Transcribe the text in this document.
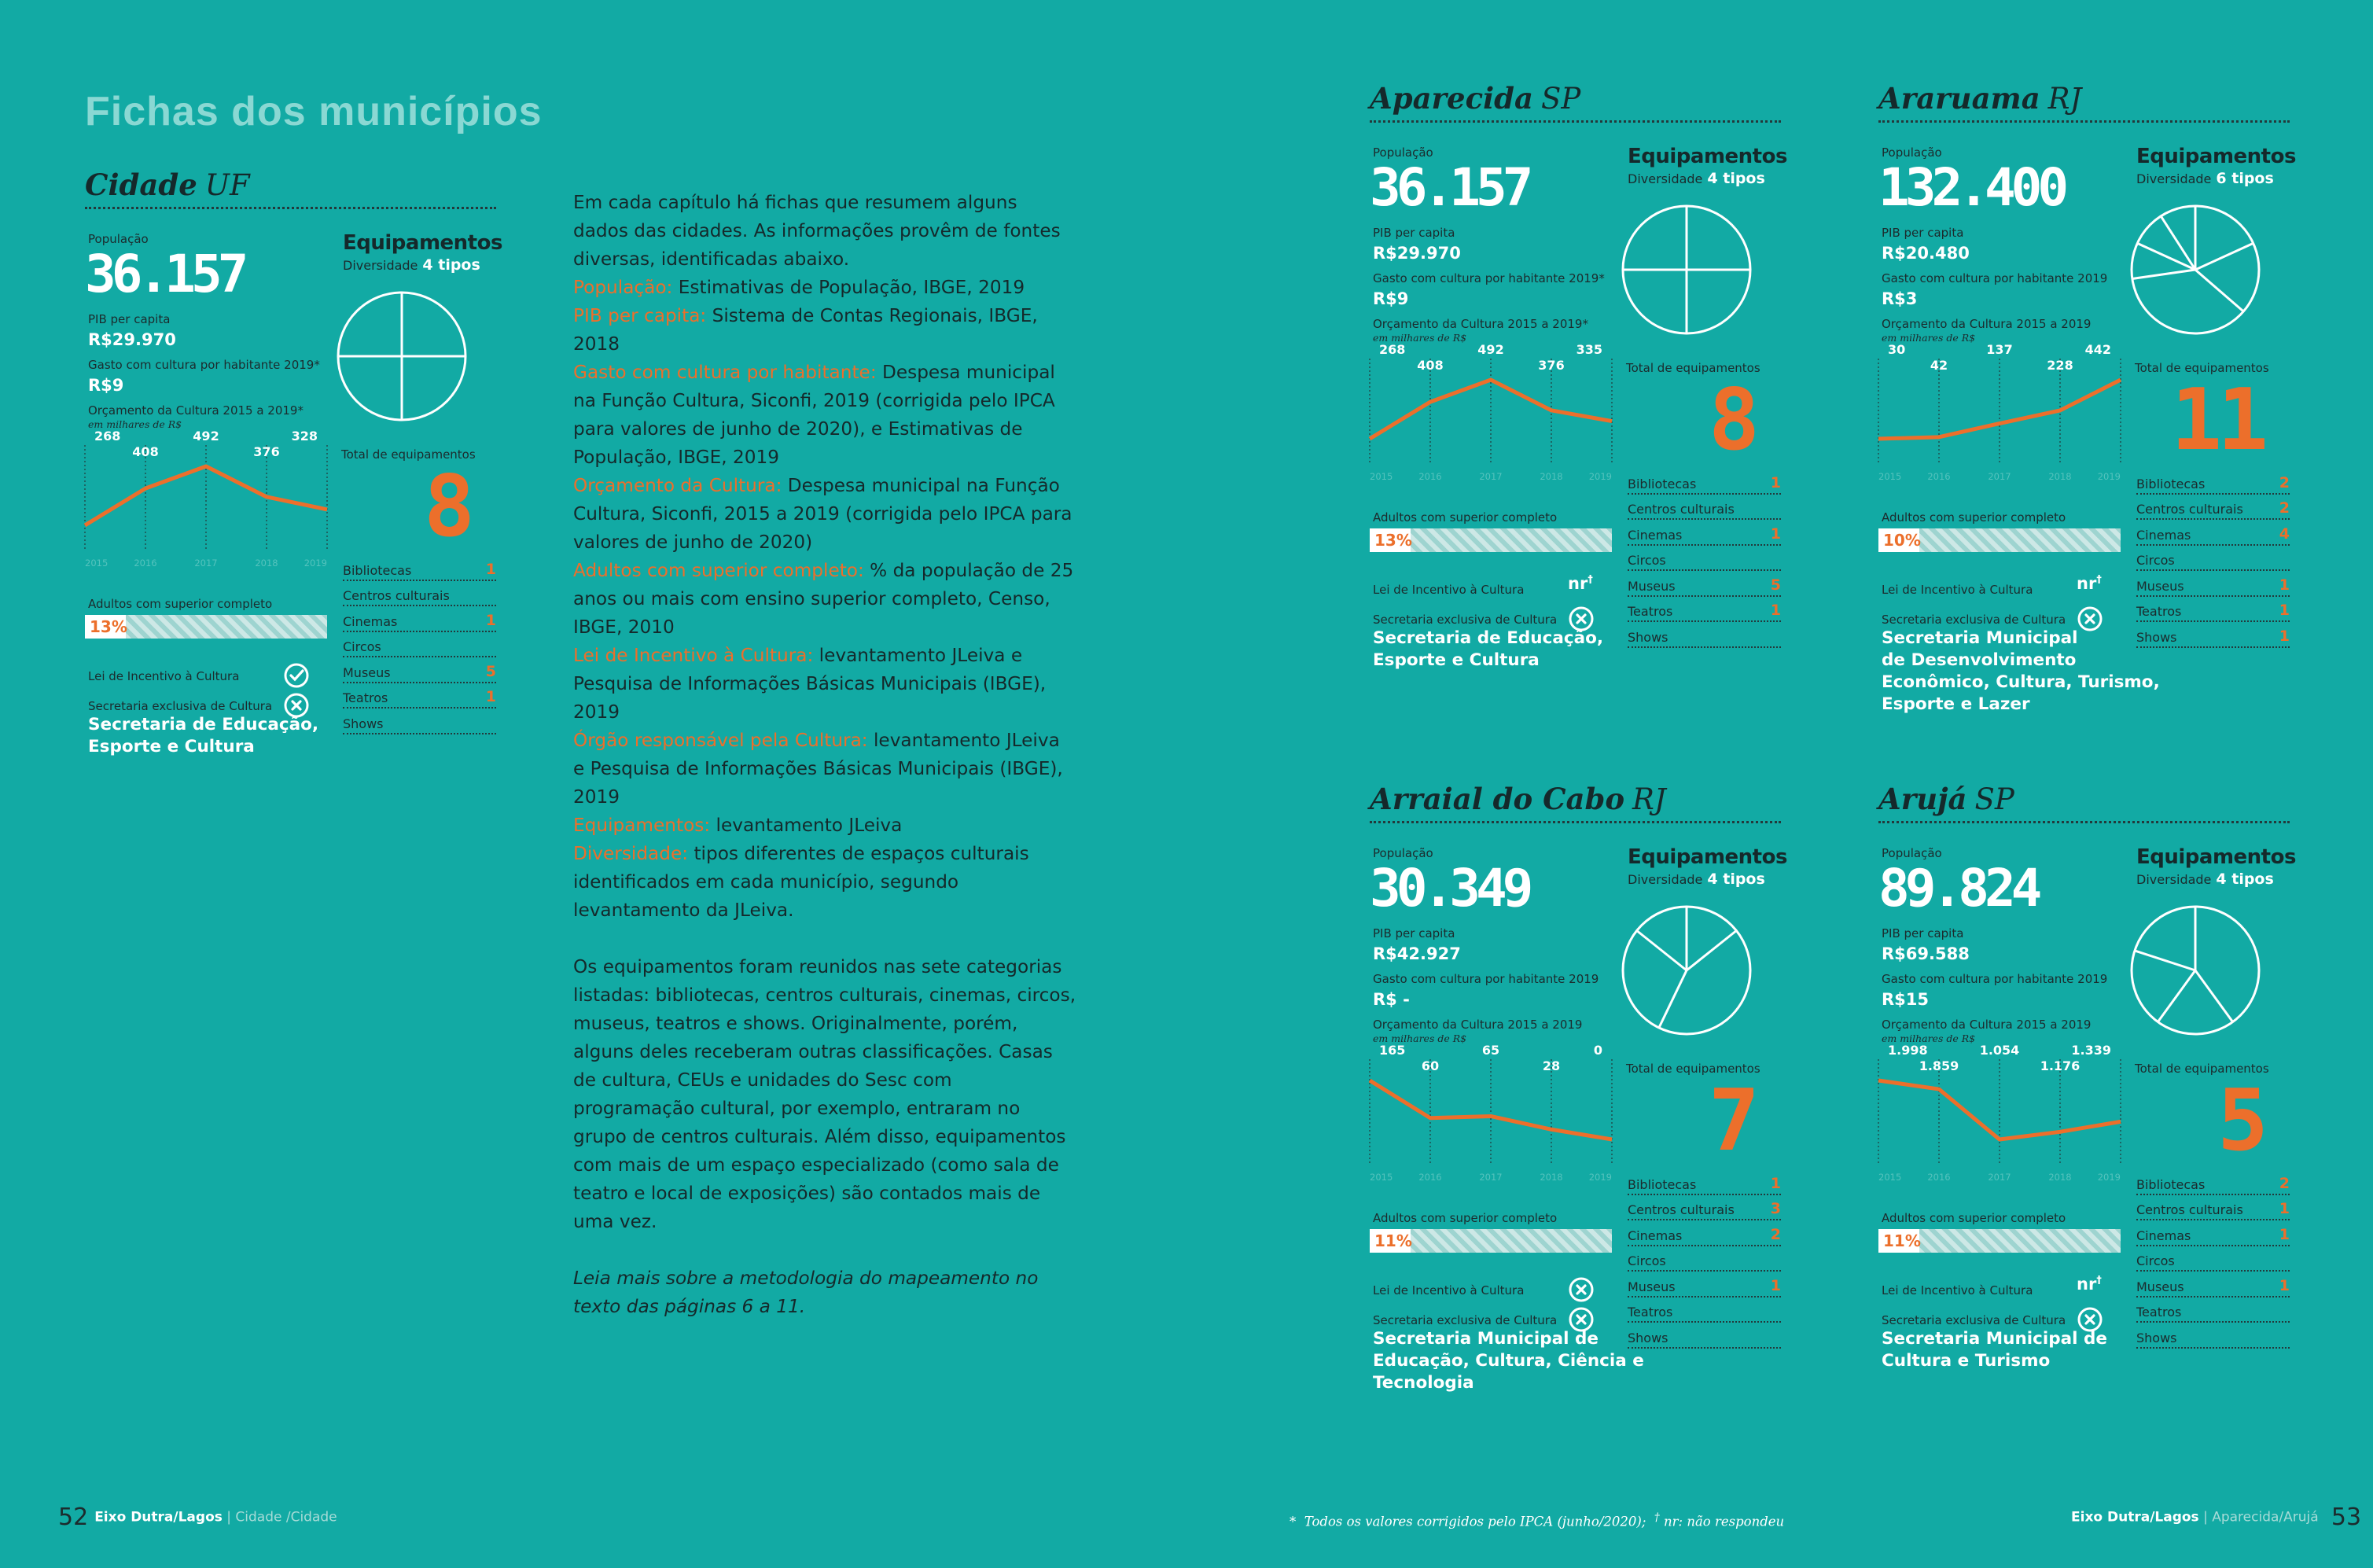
Fichas dos municípios
Cidade UF
População
36.157
PIB per capita
R$29.970
Gasto com cultura por habitante 2019*
R$9
Orçamento da Cultura 2015 a 2019*
em milhares de R$
268
2015
408
2016
492
2017
376
2018
328
2019
Adultos com superior completo
13%
Lei de Incentivo à Cultura
Secretaria exclusiva de Cultura
Secretaria de Educação,
Esporte e Cultura
Equipamentos
Diversidade 4 tipos
Total de equipamentos
8
Bibliotecas	1
Centros culturais
Cinemas	1
Circos
Museus	5
Teatros	1
Shows
Aparecida SP
População
36.157
PIB per capita
R$29.970
Gasto com cultura por habitante 2019*
R$9
Orçamento da Cultura 2015 a 2019*
em milhares de R$
268
2015
408
2016
492
2017
376
2018
335
2019
Adultos com superior completo
13%
Lei de Incentivo à Cultura	nr†
Secretaria exclusiva de Cultura
Secretaria de Educação,
Esporte e Cultura
Equipamentos
Diversidade 4 tipos
Total de equipamentos
8
Bibliotecas	1
Centros culturais
Cinemas	1
Circos
Museus	5
Teatros	1
Shows
Araruama RJ
População
132.400
PIB per capita
R$20.480
Gasto com cultura por habitante 2019
R$3
Orçamento da Cultura 2015 a 2019
em milhares de R$
30
2015
42
2016
137
2017
228
2018
442
2019
Adultos com superior completo
10%
Lei de Incentivo à Cultura	nr†
Secretaria exclusiva de Cultura
Secretaria Municipal
de Desenvolvimento
Econômico, Cultura, Turismo,
Esporte e Lazer
Equipamentos
Diversidade 6 tipos
Total de equipamentos
11
Bibliotecas	2
Centros culturais 2
Cinemas	4
Circos
Museus	1
Teatros	1
Shows	1
Arraial do Cabo RJ
População
30.349
PIB per capita
R$42.927
Gasto com cultura por habitante 2019
R$ -
Orçamento da Cultura 2015 a 2019
em milhares de R$
165
2015
60
2016
65
2017
28
2018
0
2019
Adultos com superior completo
11%
Lei de Incentivo à Cultura
Secretaria exclusiva de Cultura
Secretaria Municipal de
Educação, Cultura, Ciência e
Tecnologia
Equipamentos
Diversidade 4 tipos
Total de equipamentos
7
Bibliotecas	1
Centros culturais 3
Cinemas	2
Circos
Museus	1
Teatros
Shows
Arujá SP
População
89.824
PIB per capita
R$69.588
Gasto com cultura por habitante 2019
R$15
Orçamento da Cultura 2015 a 2019
em milhares de R$
1.998
2015
1.859
2016
1.054
2017
1.176
2018
1.339
2019
Adultos com superior completo
11%
Lei de Incentivo à Cultura	nr†
Secretaria exclusiva de Cultura
Secretaria Municipal de
Cultura e Turismo
Equipamentos
Diversidade 4 tipos
Total de equipamentos
5
Bibliotecas	2
Centros culturais 1
Cinemas	1
Circos
Museus	1
Teatros
Shows

Em cada capítulo há fichas que resumem alguns dados das cidades. As informações provêm de fontes diversas, identificadas abaixo.
População: Estimativas de População, IBGE, 2019
PIB per capita: Sistema de Contas Regionais, IBGE, 2018
Gasto com cultura por habitante: Despesa municipal na Função Cultura, Siconfi, 2019 (corrigida pelo IPCA para valores de junho de 2020), e Estimativas de População, IBGE, 2019
Orçamento da Cultura: Despesa municipal na Função Cultura, Siconfi, 2015 a 2019 (corrigida pelo IPCA para valores de junho de 2020)
Adultos com superior completo: % da população de 25 anos ou mais com ensino superior completo, Censo, IBGE, 2010
Lei de Incentivo à Cultura: levantamento JLeiva e Pesquisa de Informações Básicas Municipais (IBGE), 2019
Órgão responsável pela Cultura: levantamento JLeiva e Pesquisa de Informações Básicas Municipais (IBGE), 2019
Equipamentos: levantamento JLeiva
Diversidade: tipos diferentes de espaços culturais identificados em cada município, segundo levantamento da JLeiva.

Os equipamentos foram reunidos nas sete categorias listadas: bibliotecas, centros culturais, cinemas, circos, museus, teatros e shows. Originalmente, porém, alguns deles receberam outras classificações. Casas de cultura, CEUs e unidades do Sesc com programação cultural, por exemplo, entraram no grupo de centros culturais. Além disso, equipamentos com mais de um espaço especializado (como sala de teatro e local de exposições) são contados mais de uma vez.

Leia mais sobre a metodologia do mapeamento no texto das páginas 6 a 11.

52 Eixo Dutra/Lagos | Cidade /Cidade	* Todos os valores corrigidos pelo IPCA (junho/2020); † nr: não respondeu	Eixo Dutra/Lagos | Aparecida/Arujá 53
